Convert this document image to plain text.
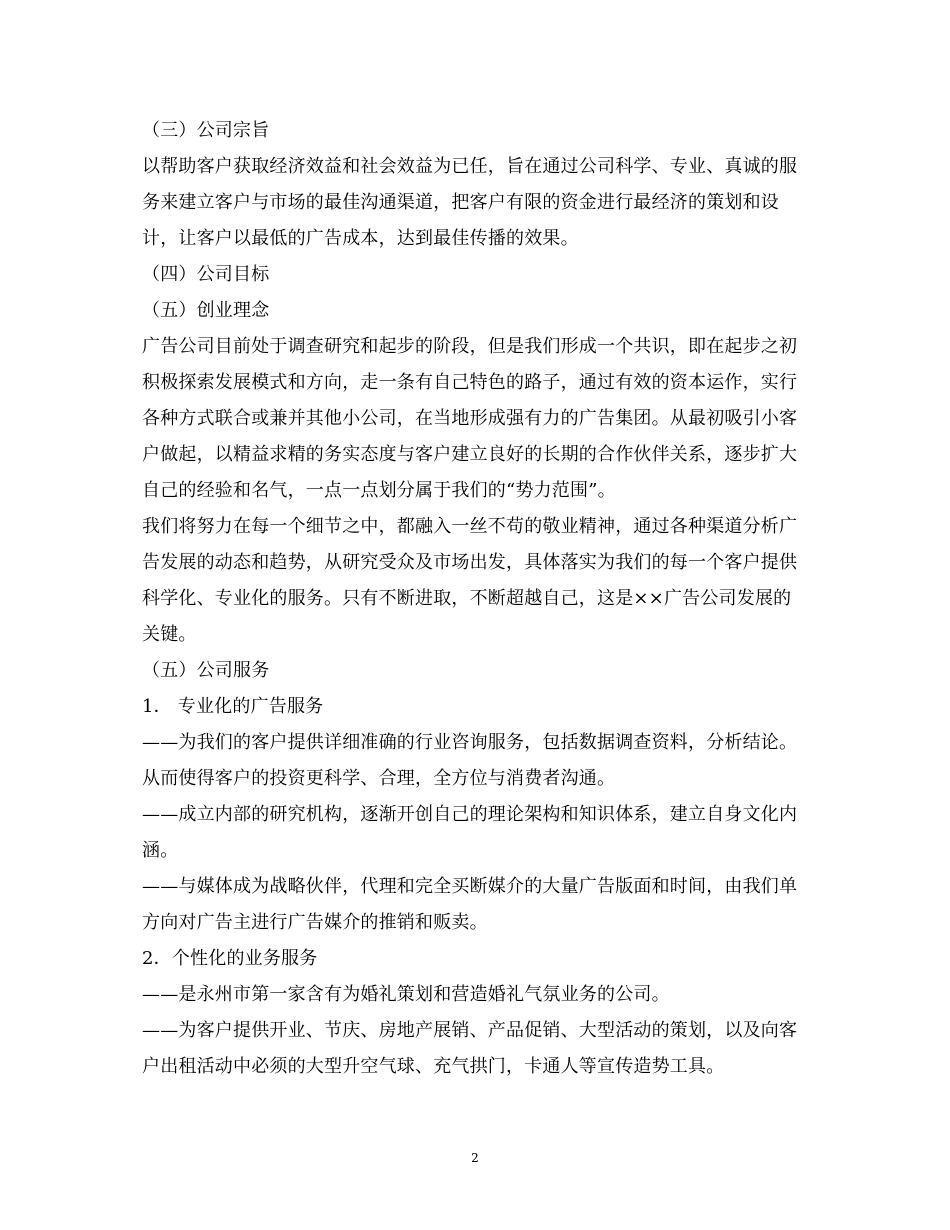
（三）公司宗旨
以帮助客户获取经济效益和社会效益为已任，旨在通过公司科学、专业、真诚的服
务来建立客户与市场的最佳沟通渠道，把客户有限的资金进行最经济的策划和设
计，让客户以最低的广告成本，达到最佳传播的效果。
（四）公司目标
（五）创业理念
广告公司目前处于调查研究和起步的阶段，但是我们形成一个共识，即在起步之初
积极探索发展模式和方向，走一条有自己特色的路子，通过有效的资本运作，实行
各种方式联合或兼并其他小公司，在当地形成强有力的广告集团。从最初吸引小客
户做起，以精益求精的务实态度与客户建立良好的长期的合作伙伴关系，逐步扩大
自己的经验和名气，一点一点划分属于我们的“势力范围”。
我们将努力在每一个细节之中，都融入一丝不苟的敬业精神，通过各种渠道分析广
告发展的动态和趋势，从研究受众及市场出发，具体落实为我们的每一个客户提供
科学化、专业化的服务。只有不断进取，不断超越自己，这是××广告公司发展的
关键。
（五）公司服务
1． 专业化的广告服务
——为我们的客户提供详细准确的行业咨询服务，包括数据调查资料，分析结论。
从而使得客户的投资更科学、合理，全方位与消费者沟通。
——成立内部的研究机构，逐渐开创自己的理论架构和知识体系，建立自身文化内
涵。
——与媒体成为战略伙伴，代理和完全买断媒介的大量广告版面和时间，由我们单
方向对广告主进行广告媒介的推销和贩卖。
2．个性化的业务服务
——是永州市第一家含有为婚礼策划和营造婚礼气氛业务的公司。
——为客户提供开业、节庆、房地产展销、产品促销、大型活动的策划，以及向客
户出租活动中必须的大型升空气球、充气拱门，卡通人等宣传造势工具。
2
